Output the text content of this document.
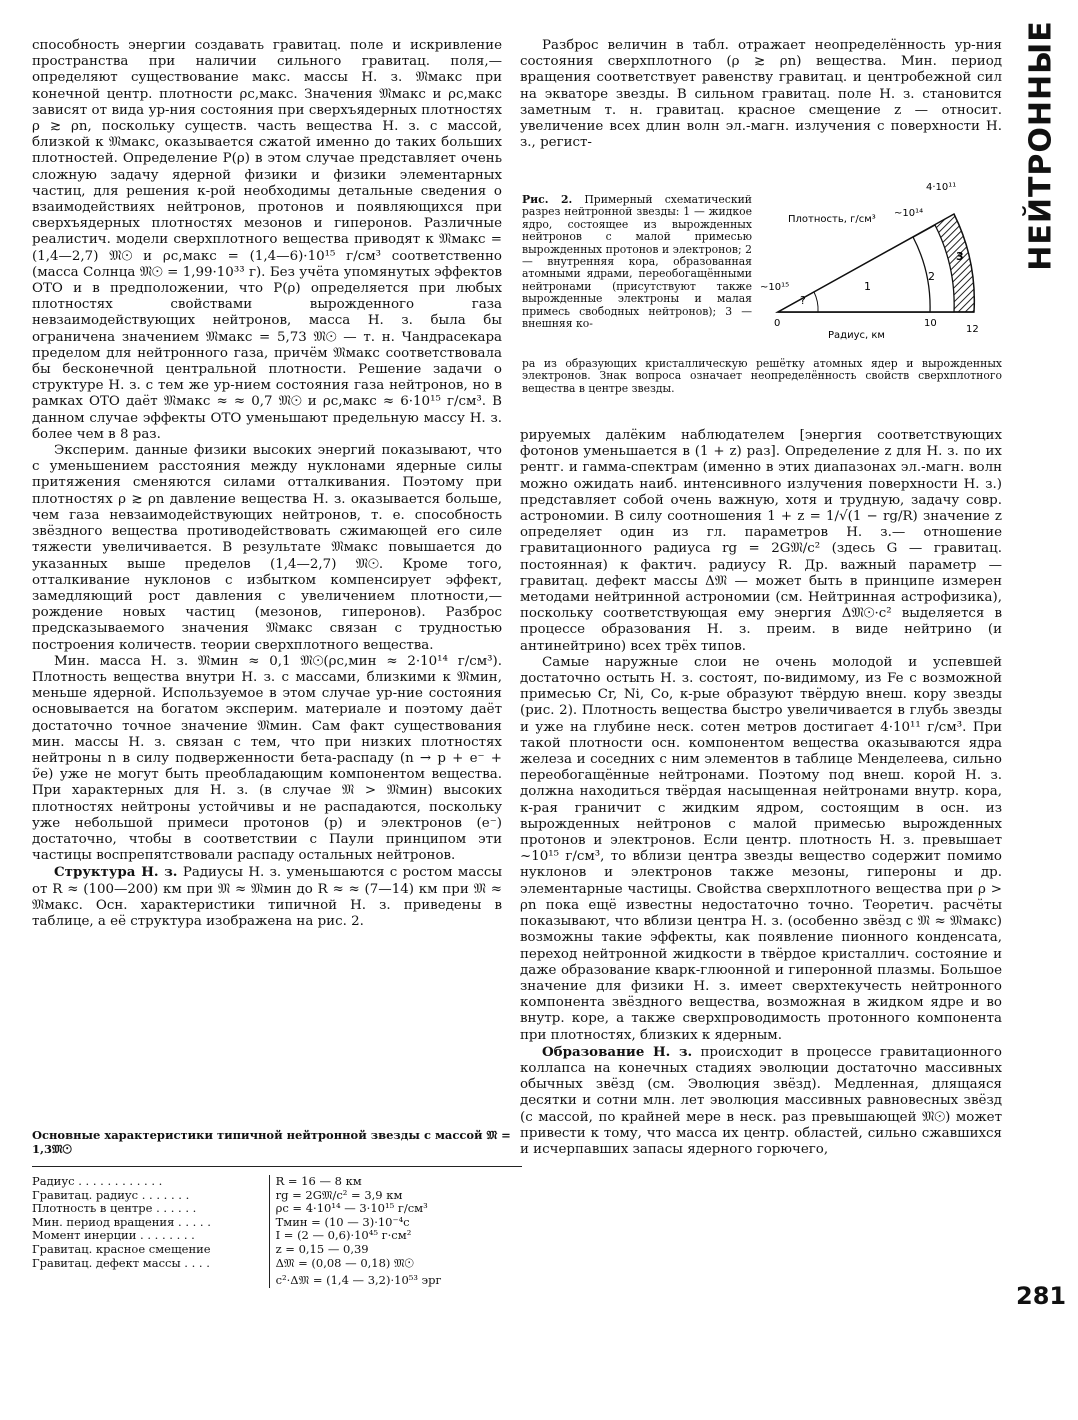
НЕЙТРОННЫЕ
281

способность энергии создавать гравитац. поле и искривление пространства при наличии сильного гравитац. поля,— определяют существование макс. массы Н. з. 𝔐макс при конечной центр. плотности ρс,макс. Значения 𝔐макс и ρс,макс зависят от вида ур-ния состояния при сверхъядерных плотностях ρ ≳ ρn, поскольку существ. часть вещества Н. з. с массой, близкой к 𝔐макс, оказывается сжатой именно до таких больших плотностей. Определение P(ρ) в этом случае представляет очень сложную задачу ядерной физики и физики элементарных частиц, для решения к-рой необходимы детальные сведения о взаимодействиях нейтронов, протонов и появляющихся при сверхъядерных плотностях мезонов и гиперонов. Различные реалистич. модели сверхплотного вещества приводят к 𝔐макс = (1,4—2,7) 𝔐☉ и ρс,макс = (1,4—6)·10¹⁵ г/см³ соответственно (масса Солнца 𝔐☉ = 1,99·10³³ г). Без учёта упомянутых эффектов ОТО и в предположении, что P(ρ) определяется при любых плотностях свойствами вырожденного газа невзаимодействующих нейтронов, масса Н. з. была бы ограничена значением 𝔐макс = 5,73 𝔐☉ — т. н. Чандрасекара пределом для нейтронного газа, причём 𝔐макс соответствовала бы бесконечной центральной плотности. Решение задачи о структуре Н. з. с тем же ур-нием состояния газа нейтронов, но в рамках ОТО даёт 𝔐макс ≈ ≈ 0,7 𝔐☉ и ρс,макс ≈ 6·10¹⁵ г/см³. В данном случае эффекты ОТО уменьшают предельную массу Н. з. более чем в 8 раз.

Эксперим. данные физики высоких энергий показывают, что с уменьшением расстояния между нуклонами ядерные силы притяжения сменяются силами отталкивания. Поэтому при плотностях ρ ≳ ρn давление вещества Н. з. оказывается больше, чем газа невзаимодействующих нейтронов, т. е. способность звёздного вещества противодействовать сжимающей его силе тяжести увеличивается. В результате 𝔐макс повышается до указанных выше пределов (1,4—2,7) 𝔐☉. Кроме того, отталкивание нуклонов с избытком компенсирует эффект, замедляющий рост давления с увеличением плотности,— рождение новых частиц (мезонов, гиперонов). Разброс предсказываемого значения 𝔐макс связан с трудностью построения количеств. теории сверхплотного вещества.

Мин. масса Н. з. 𝔐мин ≈ 0,1 𝔐☉(ρс,мин ≈ 2·10¹⁴ г/см³). Плотность вещества внутри Н. з. с массами, близкими к 𝔐мин, меньше ядерной. Используемое в этом случае ур-ние состояния основывается на богатом эксперим. материале и поэтому даёт достаточно точное значение 𝔐мин. Сам факт существования мин. массы Н. з. связан с тем, что при низких плотностях нейтроны n в силу подверженности бета-распаду (n → p + e⁻ + ν̃e) уже не могут быть преобладающим компонентом вещества. При характерных для Н. з. (в случае 𝔐 > 𝔐мин) высоких плотностях нейтроны устойчивы и не распадаются, поскольку уже небольшой примеси протонов (p) и электронов (e⁻) достаточно, чтобы в соответствии с Паули принципом эти частицы воспрепятствовали распаду остальных нейтронов.

Структура Н. з. Радиусы Н. з. уменьшаются с ростом массы от R ≈ (100—200) км при 𝔐 ≈ 𝔐мин до R ≈ ≈ (7—14) км при 𝔐 ≈ 𝔐макс. Осн. характеристики типичной Н. з. приведены в таблице, а её структура изображена на рис. 2.

Основные характеристики типичной нейтронной звезды с массой 𝔐 = 1,3𝔐☉
Радиус . . . . . . . . . . . .	R = 16 — 8 км
Гравитац. радиус . . . . . . .	rg = 2G𝔐/c² = 3,9 км
Плотность в центре . . . . . .	ρc = 4·10¹⁴ — 3·10¹⁵ г/см³
Мин. период вращения . . . . .	Tмин = (10 — 3)·10⁻⁴с
Момент инерции . . . . . . . .	I = (2 — 0,6)·10⁴⁵ г·см²
Гравитац. красное смещение	z = 0,15 — 0,39
Гравитац. дефект массы . . . .	Δ𝔐 = (0,08 — 0,18) 𝔐☉
c²·Δ𝔐 = (1,4 — 3,2)·10⁵³ эрг

Разброс величин в табл. отражает неопределённость ур-ния состояния сверхплотного (ρ ≳ ρn) вещества. Мин. период вращения соответствует равенству гравитац. и центробежной сил на экваторе звезды. В сильном гравитац. поле Н. з. становится заметным т. н. гравитац. красное смещение z — относит. увеличение всех длин волн эл.-магн. излучения с поверхности Н. з., регист-

Рис. 2. Примерный схематический разрез нейтронной звезды: 1 — жидкое ядро, состоящее из вырожденных нейтронов с малой примесью вырожденных протонов и электронов; 2 — внутренняя кора, образованная атомными ядрами, переобогащёнными нейтронами (присутствуют также вырожденные электроны и малая примесь свободных нейтронов); 3 — внешняя ко-
1
2
3
?
Плотность, г/см³
~10¹⁴
4·10¹¹
~10¹⁵
0	10
12
Радиус, км
ра из образующих кристаллическую решётку атомных ядер и вырожденных электронов. Знак вопроса означает неопределённость свойств сверхплотного вещества в центре звезды.

рируемых далёким наблюдателем [энергия соответствующих фотонов уменьшается в (1 + z) раз]. Определение z для Н. з. по их рентг. и гамма-спектрам (именно в этих диапазонах эл.-магн. волн можно ожидать наиб. интенсивного излучения поверхности Н. з.) представляет собой очень важную, хотя и трудную, задачу совр. астрономии. В силу соотношения 1 + z = 1/√(1 − rg/R) значение z определяет один из гл. параметров Н. з.— отношение гравитационного радиуса rg = 2G𝔐/c² (здесь G — гравитац. постоянная) к фактич. радиусу R. Др. важный параметр — гравитац. дефект массы Δ𝔐 — может быть в принципе измерен методами нейтринной астрономии (см. Нейтринная астрофизика), поскольку соответствующая ему энергия Δ𝔐☉·c² выделяется в процессе образования Н. з. преим. в виде нейтрино (и антинейтрино) всех трёх типов.

Самые наружные слои не очень молодой и успевшей достаточно остыть Н. з. состоят, по-видимому, из Fe с возможной примесью Cr, Ni, Co, к-рые образуют твёрдую внеш. кору звезды (рис. 2). Плотность вещества быстро увеличивается в глубь звезды и уже на глубине неск. сотен метров достигает 4·10¹¹ г/см³. При такой плотности осн. компонентом вещества оказываются ядра железа и соседних с ним элементов в таблице Менделеева, сильно переобогащённые нейтронами. Поэтому под внеш. корой Н. з. должна находиться твёрдая насыщенная нейтронами внутр. кора, к-рая граничит с жидким ядром, состоящим в осн. из вырожденных нейтронов с малой примесью вырожденных протонов и электронов. Если центр. плотность Н. з. превышает ~10¹⁵ г/см³, то вблизи центра звезды вещество содержит помимо нуклонов и электронов также мезоны, гипероны и др. элементарные частицы. Свойства сверхплотного вещества при ρ > ρn пока ещё известны недостаточно точно. Теоретич. расчёты показывают, что вблизи центра Н. з. (особенно звёзд с 𝔐 ≈ 𝔐макс) возможны такие эффекты, как появление пионного конденсата, переход нейтронной жидкости в твёрдое кристаллич. состояние и даже образование кварк-глюонной и гиперонной плазмы. Большое значение для физики Н. з. имеет сверхтекучесть нейтронного компонента звёздного вещества, возможная в жидком ядре и во внутр. коре, а также сверхпроводимость протонного компонента при плотностях, близких к ядерным.

Образование Н. з. происходит в процессе гравитационного коллапса на конечных стадиях эволюции достаточно массивных обычных звёзд (см. Эволюция звёзд). Медленная, длящаяся десятки и сотни млн. лет эволюция массивных равновесных звёзд (с массой, по крайней мере в неск. раз превышающей 𝔐☉) может привести к тому, что масса их центр. областей, сильно сжавшихся и исчерпавших запасы ядерного горючего,
